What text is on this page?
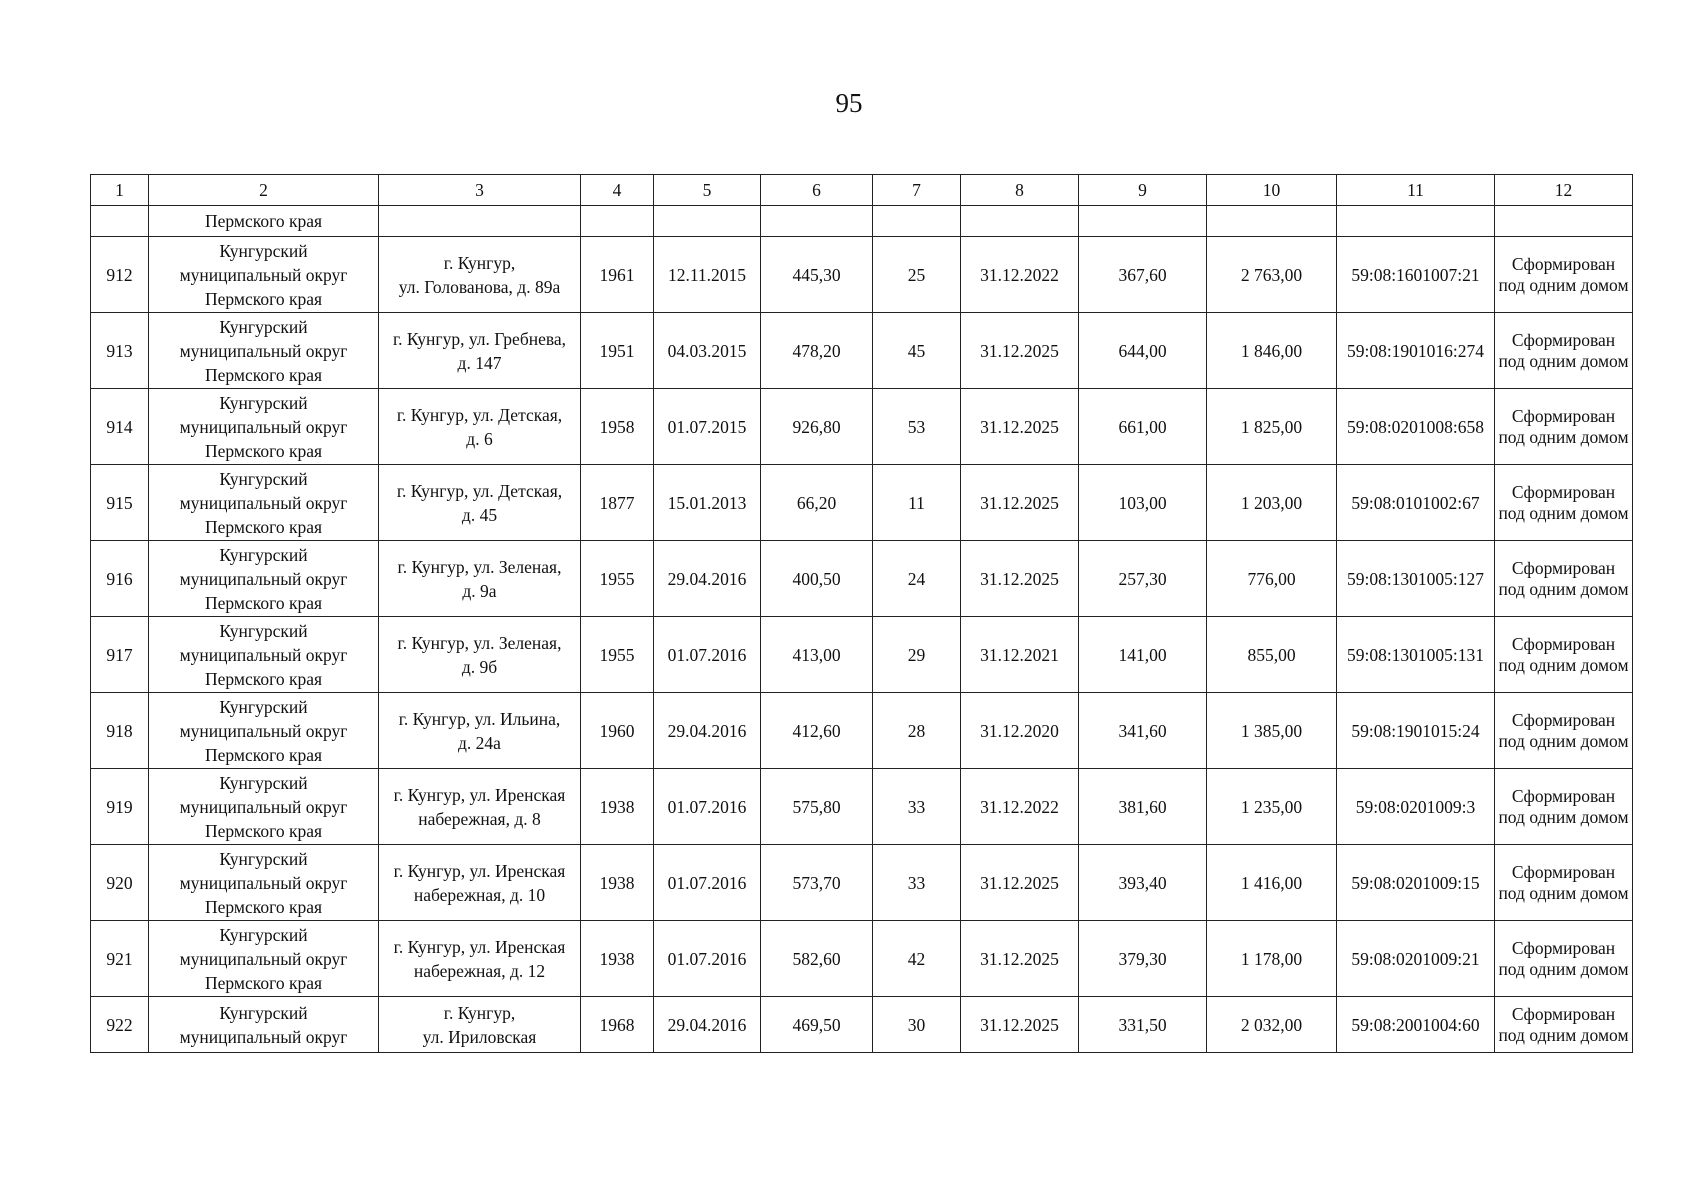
95
1	2	3	4	5	6	7	8	9	10	11	12
	Пермского края										
912	Кунгурский
муниципальный округ
Пермского края	г. Кунгур,
ул. Голованова, д. 89а	1961	12.11.2015	445,30	25	31.12.2022	367,60	2 763,00	59:08:1601007:21	Сформирован
под одним домом

913	Кунгурский
муниципальный округ
Пермского края	г. Кунгур, ул. Гребнева,
д. 147	1951	04.03.2015	478,20	45	31.12.2025	644,00	1 846,00	59:08:1901016:274	Сформирован
под одним домом

914	Кунгурский
муниципальный округ
Пермского края	г. Кунгур, ул. Детская,
д. 6	1958	01.07.2015	926,80	53	31.12.2025	661,00	1 825,00	59:08:0201008:658	Сформирован
под одним домом

915	Кунгурский
муниципальный округ
Пермского края	г. Кунгур, ул. Детская,
д. 45	1877	15.01.2013	66,20	11	31.12.2025	103,00	1 203,00	59:08:0101002:67	Сформирован
под одним домом

916	Кунгурский
муниципальный округ
Пермского края	г. Кунгур, ул. Зеленая,
д. 9а	1955	29.04.2016	400,50	24	31.12.2025	257,30	776,00	59:08:1301005:127	Сформирован
под одним домом

917	Кунгурский
муниципальный округ
Пермского края	г. Кунгур, ул. Зеленая,
д. 9б	1955	01.07.2016	413,00	29	31.12.2021	141,00	855,00	59:08:1301005:131	Сформирован
под одним домом

918	Кунгурский
муниципальный округ
Пермского края	г. Кунгур, ул. Ильина,
д. 24а	1960	29.04.2016	412,60	28	31.12.2020	341,60	1 385,00	59:08:1901015:24	Сформирован
под одним домом

919	Кунгурский
муниципальный округ
Пермского края	г. Кунгур, ул. Иренская
набережная, д. 8	1938	01.07.2016	575,80	33	31.12.2022	381,60	1 235,00	59:08:0201009:3	Сформирован
под одним домом

920	Кунгурский
муниципальный округ
Пермского края	г. Кунгур, ул. Иренская
набережная, д. 10	1938	01.07.2016	573,70	33	31.12.2025	393,40	1 416,00	59:08:0201009:15	Сформирован
под одним домом

921	Кунгурский
муниципальный округ
Пермского края	г. Кунгур, ул. Иренская
набережная, д. 12	1938	01.07.2016	582,60	42	31.12.2025	379,30	1 178,00	59:08:0201009:21	Сформирован
под одним домом

922	Кунгурский
муниципальный округ	г. Кунгур,
ул. Ириловская	1968	29.04.2016	469,50	30	31.12.2025	331,50	2 032,00	59:08:2001004:60	Сформирован
под одним домом
